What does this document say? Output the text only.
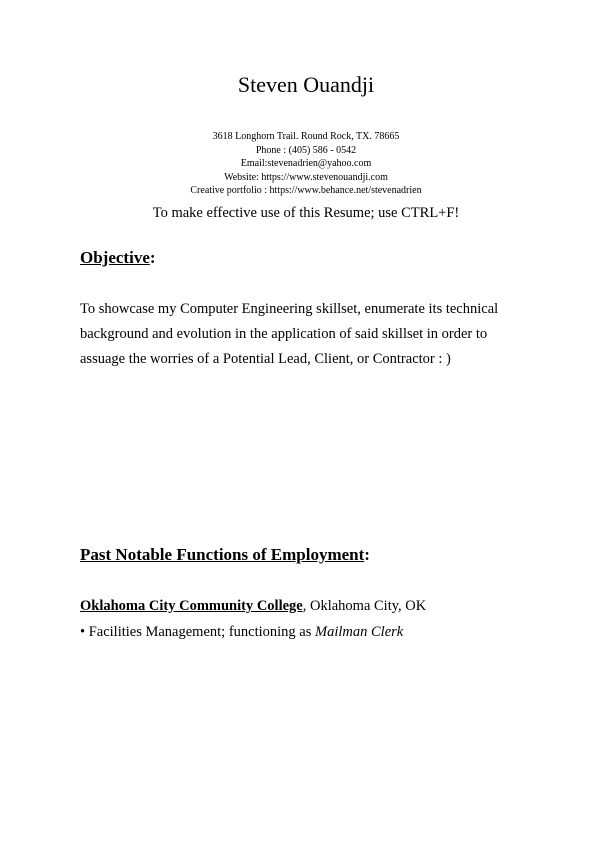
Steven Ouandji
3618 Longhorn Trail. Round Rock, TX. 78665
Phone : (405) 586 - 0542
Email:stevenadrien@yahoo.com
Website: https://www.stevenouandji.com
Creative portfolio : https://www.behance.net/stevenadrien
To make effective use of this Resume; use CTRL+F!
Objective:

To showcase my Computer Engineering skillset, enumerate its technical background and evolution in the application of said skillset in order to assuage the worries of a Potential Lead, Client, or Contractor : )

Past Notable Functions of Employment:

Oklahoma City Community College, Oklahoma City, OK

• Facilities Management; functioning as Mailman Clerk
